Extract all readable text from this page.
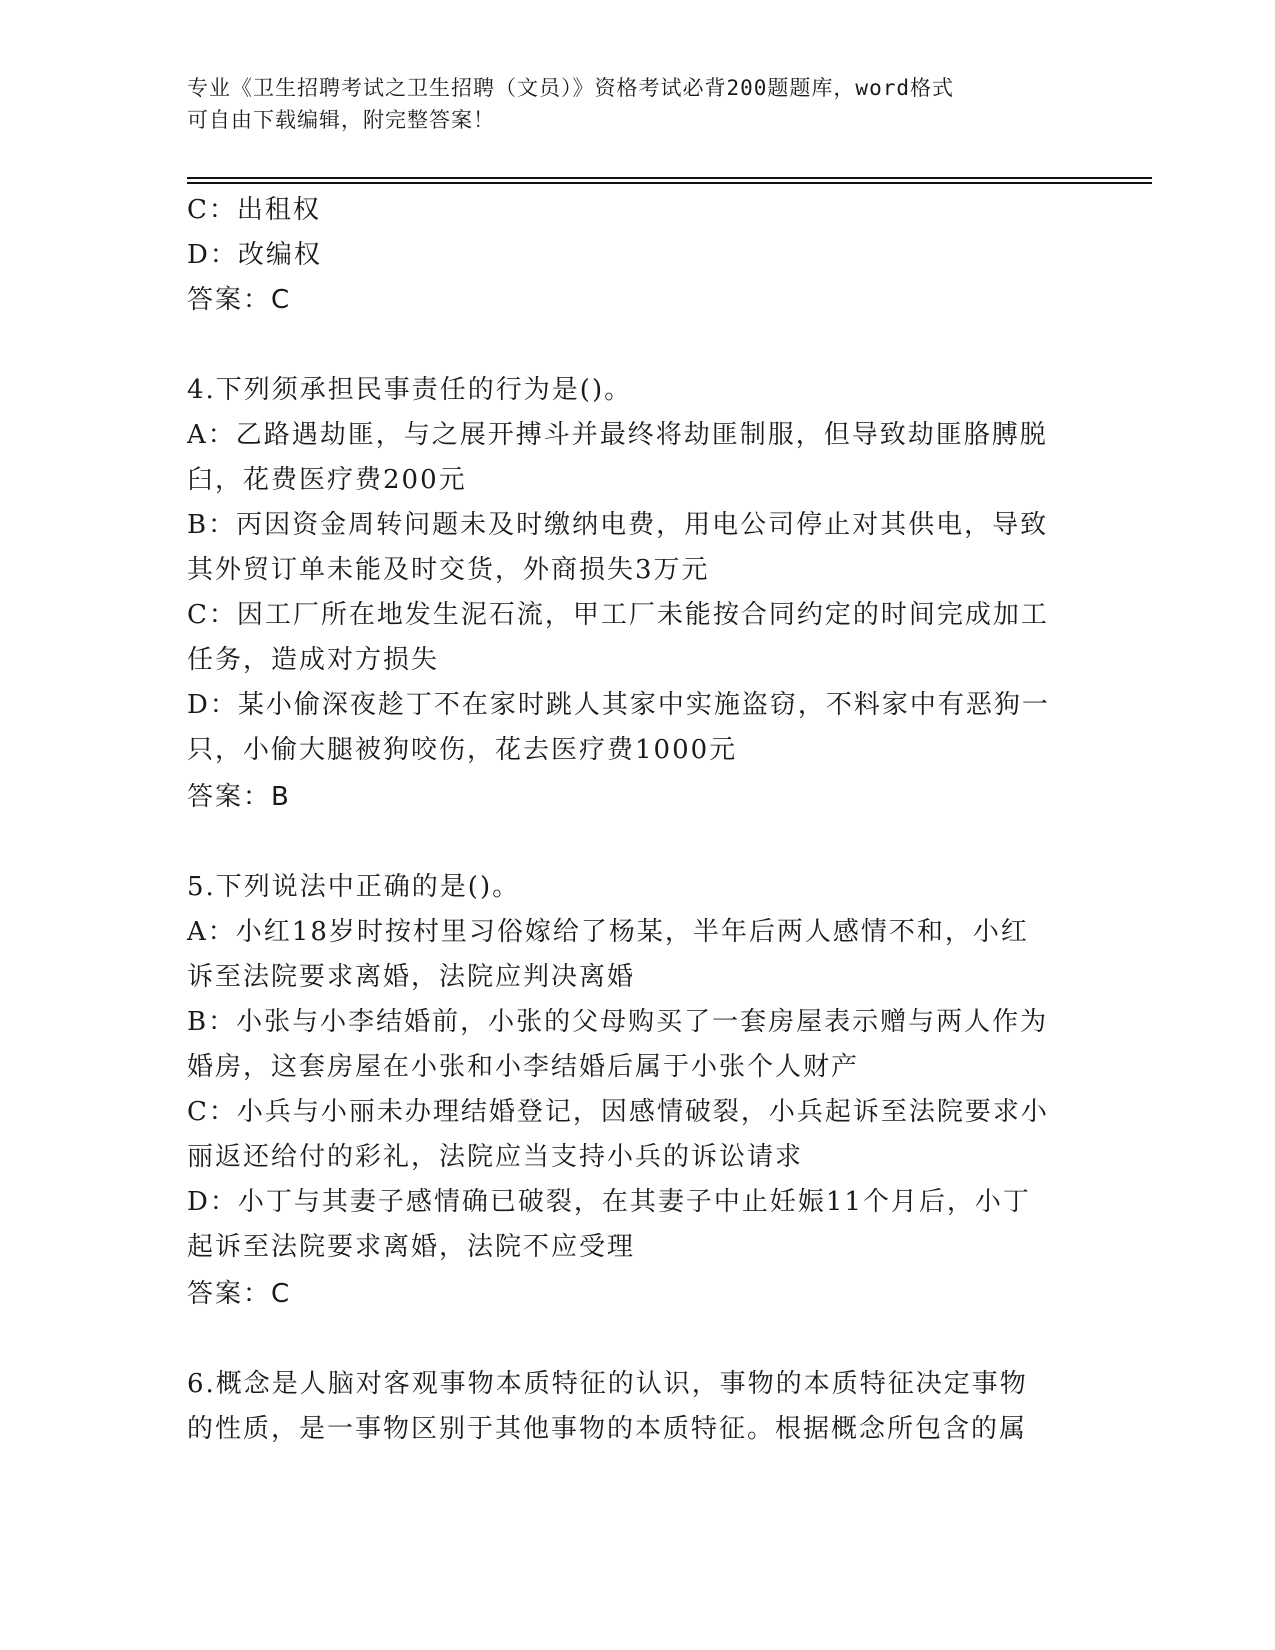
专业《卫生招聘考试之卫生招聘（文员）》资格考试必背200题题库，word格式
可自由下载编辑，附完整答案！
C：出租权
D：改编权
答案：C
4.下列须承担民事责任的行为是()。
A：乙路遇劫匪，与之展开搏斗并最终将劫匪制服，但导致劫匪胳膊脱
臼，花费医疗费200元
B：丙因资金周转问题未及时缴纳电费，用电公司停止对其供电，导致
其外贸订单未能及时交货，外商损失3万元
C：因工厂所在地发生泥石流，甲工厂未能按合同约定的时间完成加工
任务，造成对方损失
D：某小偷深夜趁丁不在家时跳人其家中实施盗窃，不料家中有恶狗一
只，小偷大腿被狗咬伤，花去医疗费1000元
答案：B
5.下列说法中正确的是()。
A：小红18岁时按村里习俗嫁给了杨某，半年后两人感情不和，小红
诉至法院要求离婚，法院应判决离婚
B：小张与小李结婚前，小张的父母购买了一套房屋表示赠与两人作为
婚房，这套房屋在小张和小李结婚后属于小张个人财产
C：小兵与小丽未办理结婚登记，因感情破裂，小兵起诉至法院要求小
丽返还给付的彩礼，法院应当支持小兵的诉讼请求
D：小丁与其妻子感情确已破裂，在其妻子中止妊娠11个月后，小丁
起诉至法院要求离婚，法院不应受理
答案：C
6.概念是人脑对客观事物本质特征的认识，事物的本质特征决定事物
的性质，是一事物区别于其他事物的本质特征。根据概念所包含的属
